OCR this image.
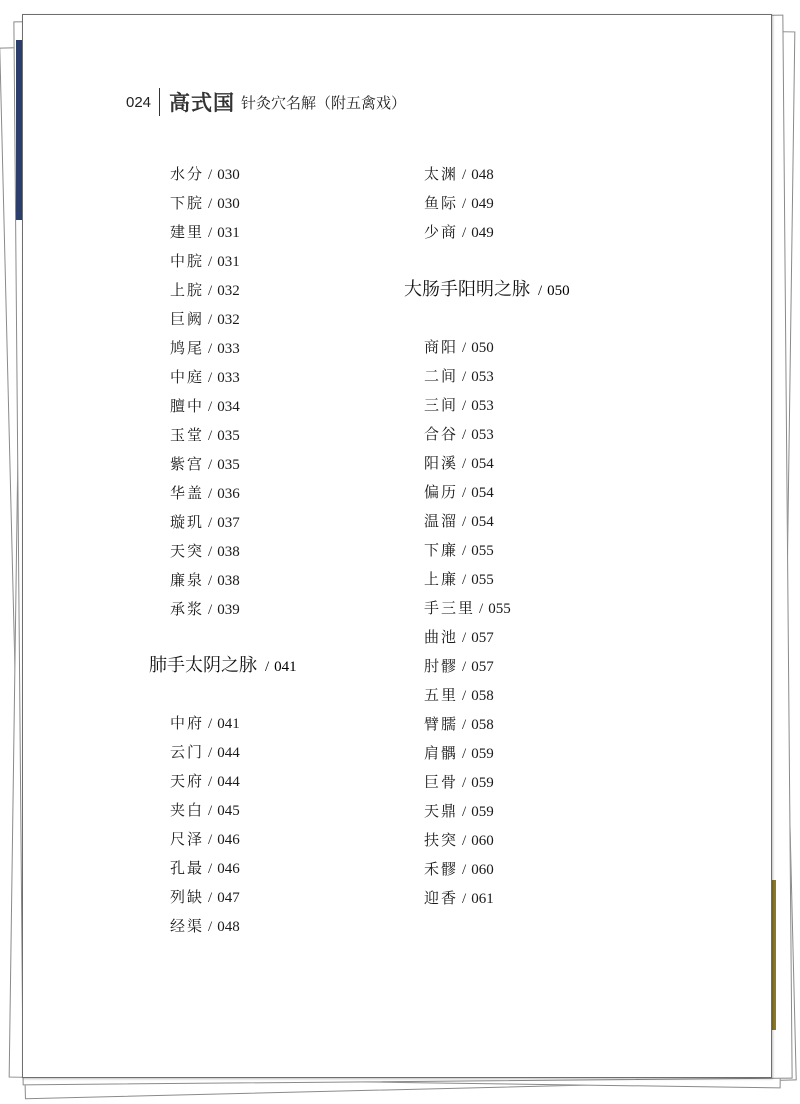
024 高式国 针灸穴名解（附五禽戏）
水分 / 030
下脘 / 030
建里 / 031
中脘 / 031
上脘 / 032
巨阙 / 032
鸠尾 / 033
中庭 / 033
膻中 / 034
玉堂 / 035
紫宫 / 035
华盖 / 036
璇玑 / 037
天突 / 038
廉泉 / 038
承浆 / 039
肺手太阴之脉 / 041
中府 / 041
云门 / 044
天府 / 044
夹白 / 045
尺泽 / 046
孔最 / 046
列缺 / 047
经渠 / 048
太渊 / 048
鱼际 / 049
少商 / 049
大肠手阳明之脉 / 050
商阳 / 050
二间 / 053
三间 / 053
合谷 / 053
阳溪 / 054
偏历 / 054
温溜 / 054
下廉 / 055
上廉 / 055
手三里 / 055
曲池 / 057
肘髎 / 057
五里 / 058
臂臑 / 058
肩髃 / 059
巨骨 / 059
天鼎 / 059
扶突 / 060
禾髎 / 060
迎香 / 061
